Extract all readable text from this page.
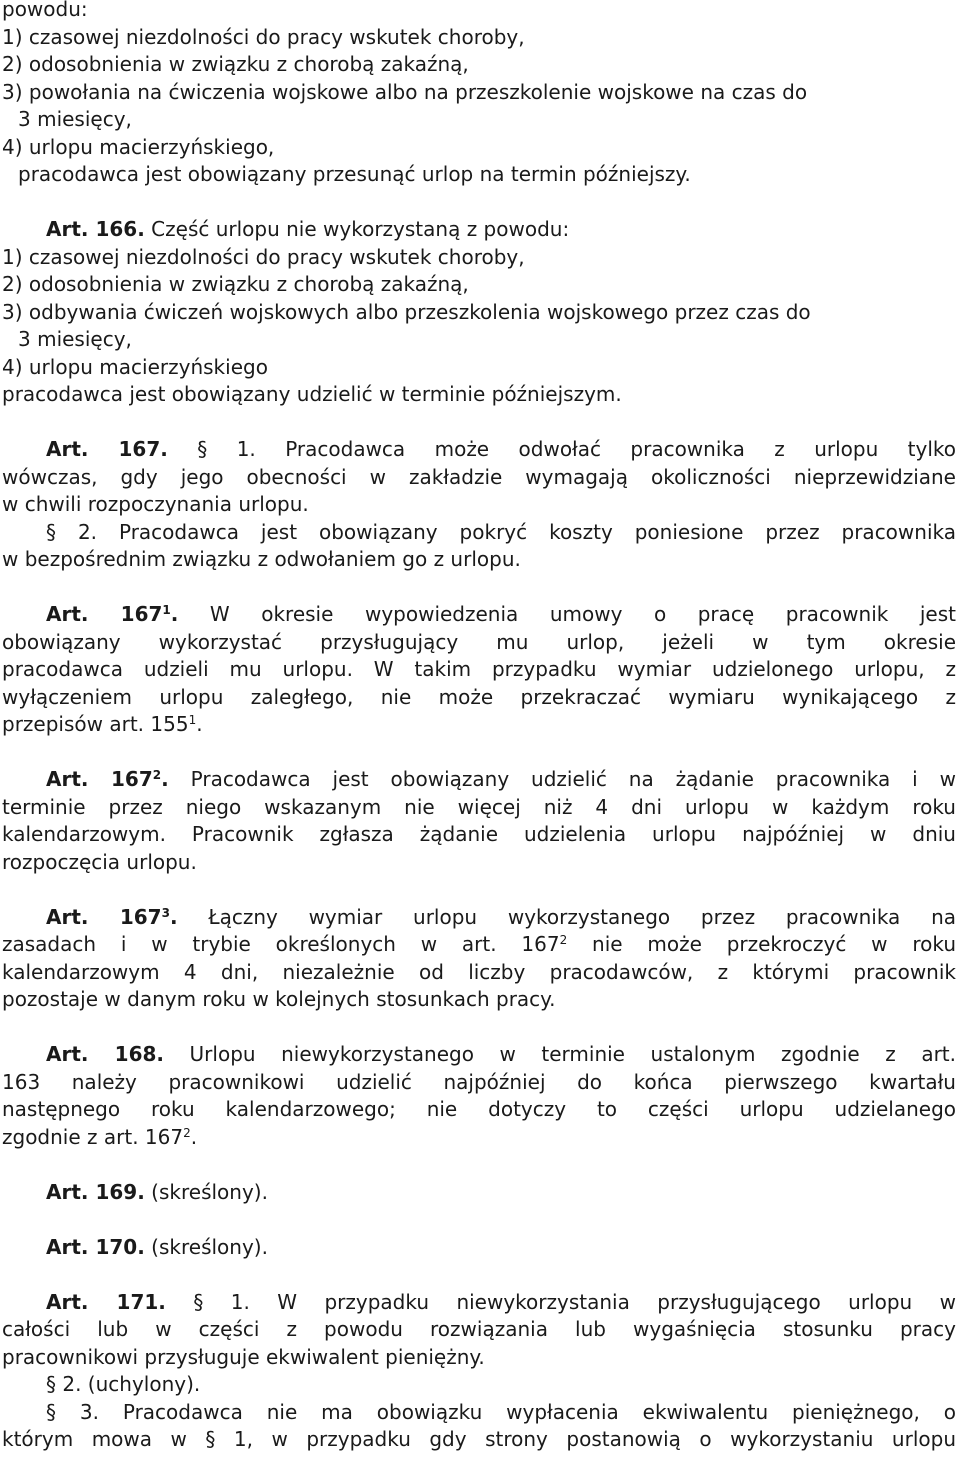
powodu:
1) czasowej niezdolności do pracy wskutek choroby,
2) odosobnienia w związku z chorobą zakaźną,
3) powołania na ćwiczenia wojskowe albo na przeszkolenie wojskowe na czas do
3 miesięcy,
4) urlopu macierzyńskiego,
pracodawca jest obowiązany przesunąć urlop na termin późniejszy.
Art. 166. Część urlopu nie wykorzystaną z powodu:
1) czasowej niezdolności do pracy wskutek choroby,
2) odosobnienia w związku z chorobą zakaźną,
3) odbywania ćwiczeń wojskowych albo przeszkolenia wojskowego przez czas do
3 miesięcy,
4) urlopu macierzyńskiego
pracodawca jest obowiązany udzielić w terminie późniejszym.
Art. 167. § 1. Pracodawca może odwołać pracownika z urlopu tylko
wówczas, gdy jego obecności w zakładzie wymagają okoliczności nieprzewidziane
w chwili rozpoczynania urlopu.
§ 2. Pracodawca jest obowiązany pokryć koszty poniesione przez pracownika
w bezpośrednim związku z odwołaniem go z urlopu.
Art. $167^1$. W okresie wypowiedzenia umowy o pracę pracownik jest
obowiązany wykorzystać przysługujący mu urlop, jeżeli w tym okresie
pracodawca udzieli mu urlopu. W takim przypadku wymiar udzielonego urlopu, z
wyłączeniem urlopu zaległego, nie może przekraczać wymiaru wynikającego z
przepisów art. $155^1$.
Art. $167^2$. Pracodawca jest obowiązany udzielić na żądanie pracownika i w
terminie przez niego wskazanym nie więcej niż 4 dni urlopu w każdym roku
kalendarzowym. Pracownik zgłasza żądanie udzielenia urlopu najpóźniej w dniu
rozpoczęcia urlopu.
Art. $167^3$. Łączny wymiar urlopu wykorzystanego przez pracownika na
zasadach i w trybie określonych w art. $167^2$ nie może przekroczyć w roku
kalendarzowym 4 dni, niezależnie od liczby pracodawców, z którymi pracownik
pozostaje w danym roku w kolejnych stosunkach pracy.
Art. 168. Urlopu niewykorzystanego w terminie ustalonym zgodnie z art.
163 należy pracownikowi udzielić najpóźniej do końca pierwszego kwartału
następnego roku kalendarzowego; nie dotyczy to części urlopu udzielanego
zgodnie z art. $167^2$.
Art. 169. (skreślony).
Art. 170. (skreślony).
Art. 171. § 1. W przypadku niewykorzystania przysługującego urlopu w
całości lub w części z powodu rozwiązania lub wygaśnięcia stosunku pracy
pracownikowi przysługuje ekwiwalent pieniężny.
§ 2. (uchylony).
§ 3. Pracodawca nie ma obowiązku wypłacenia ekwiwalentu pieniężnego, o
którym mowa w § 1, w przypadku gdy strony postanowią o wykorzystaniu urlopu
